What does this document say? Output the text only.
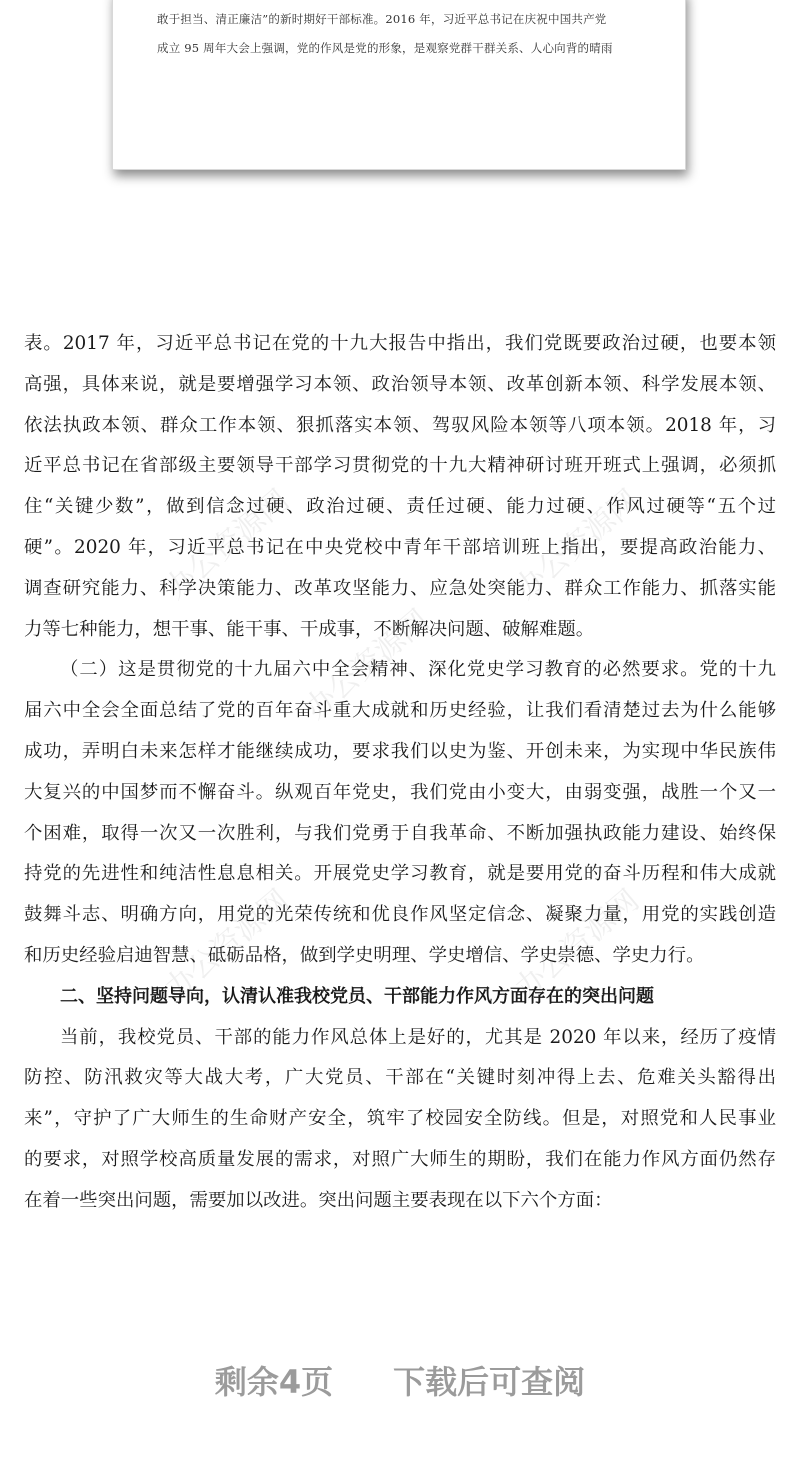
敢于担当、清正廉洁”的新时期好干部标准。2016 年，习近平总书记在庆祝中国共产党
成立 95 周年大会上强调，党的作风是党的形象，是观察党群干群关系、人心向背的晴雨
办公资源网	办公资源网
办公资源网
办公资源网	办公资源网
表。2017 年，习近平总书记在党的十九大报告中指出，我们党既要政治过硬，也要本领
高强，具体来说，就是要增强学习本领、政治领导本领、改革创新本领、科学发展本领、
依法执政本领、群众工作本领、狠抓落实本领、驾驭风险本领等八项本领。2018 年，习
近平总书记在省部级主要领导干部学习贯彻党的十九大精神研讨班开班式上强调，必须抓
住“关键少数”，做到信念过硬、政治过硬、责任过硬、能力过硬、作风过硬等“五个过
硬”。2020 年，习近平总书记在中央党校中青年干部培训班上指出，要提高政治能力、
调查研究能力、科学决策能力、改革攻坚能力、应急处突能力、群众工作能力、抓落实能
力等七种能力，想干事、能干事、干成事，不断解决问题、破解难题。
（二）这是贯彻党的十九届六中全会精神、深化党史学习教育的必然要求。党的十九
届六中全会全面总结了党的百年奋斗重大成就和历史经验，让我们看清楚过去为什么能够
成功，弄明白未来怎样才能继续成功，要求我们以史为鉴、开创未来，为实现中华民族伟
大复兴的中国梦而不懈奋斗。纵观百年党史，我们党由小变大，由弱变强，战胜一个又一
个困难，取得一次又一次胜利，与我们党勇于自我革命、不断加强执政能力建设、始终保
持党的先进性和纯洁性息息相关。开展党史学习教育，就是要用党的奋斗历程和伟大成就
鼓舞斗志、明确方向，用党的光荣传统和优良作风坚定信念、凝聚力量，用党的实践创造
和历史经验启迪智慧、砥砺品格，做到学史明理、学史增信、学史崇德、学史力行。
二、坚持问题导向，认清认准我校党员、干部能力作风方面存在的突出问题
当前，我校党员、干部的能力作风总体上是好的，尤其是 2020 年以来，经历了疫情
防控、防汛救灾等大战大考，广大党员、干部在“关键时刻冲得上去、危难关头豁得出
来”，守护了广大师生的生命财产安全，筑牢了校园安全防线。但是，对照党和人民事业
的要求，对照学校高质量发展的需求，对照广大师生的期盼，我们在能力作风方面仍然存
在着一些突出问题，需要加以改进。突出问题主要表现在以下六个方面：
剩余4页 下载后可查阅
